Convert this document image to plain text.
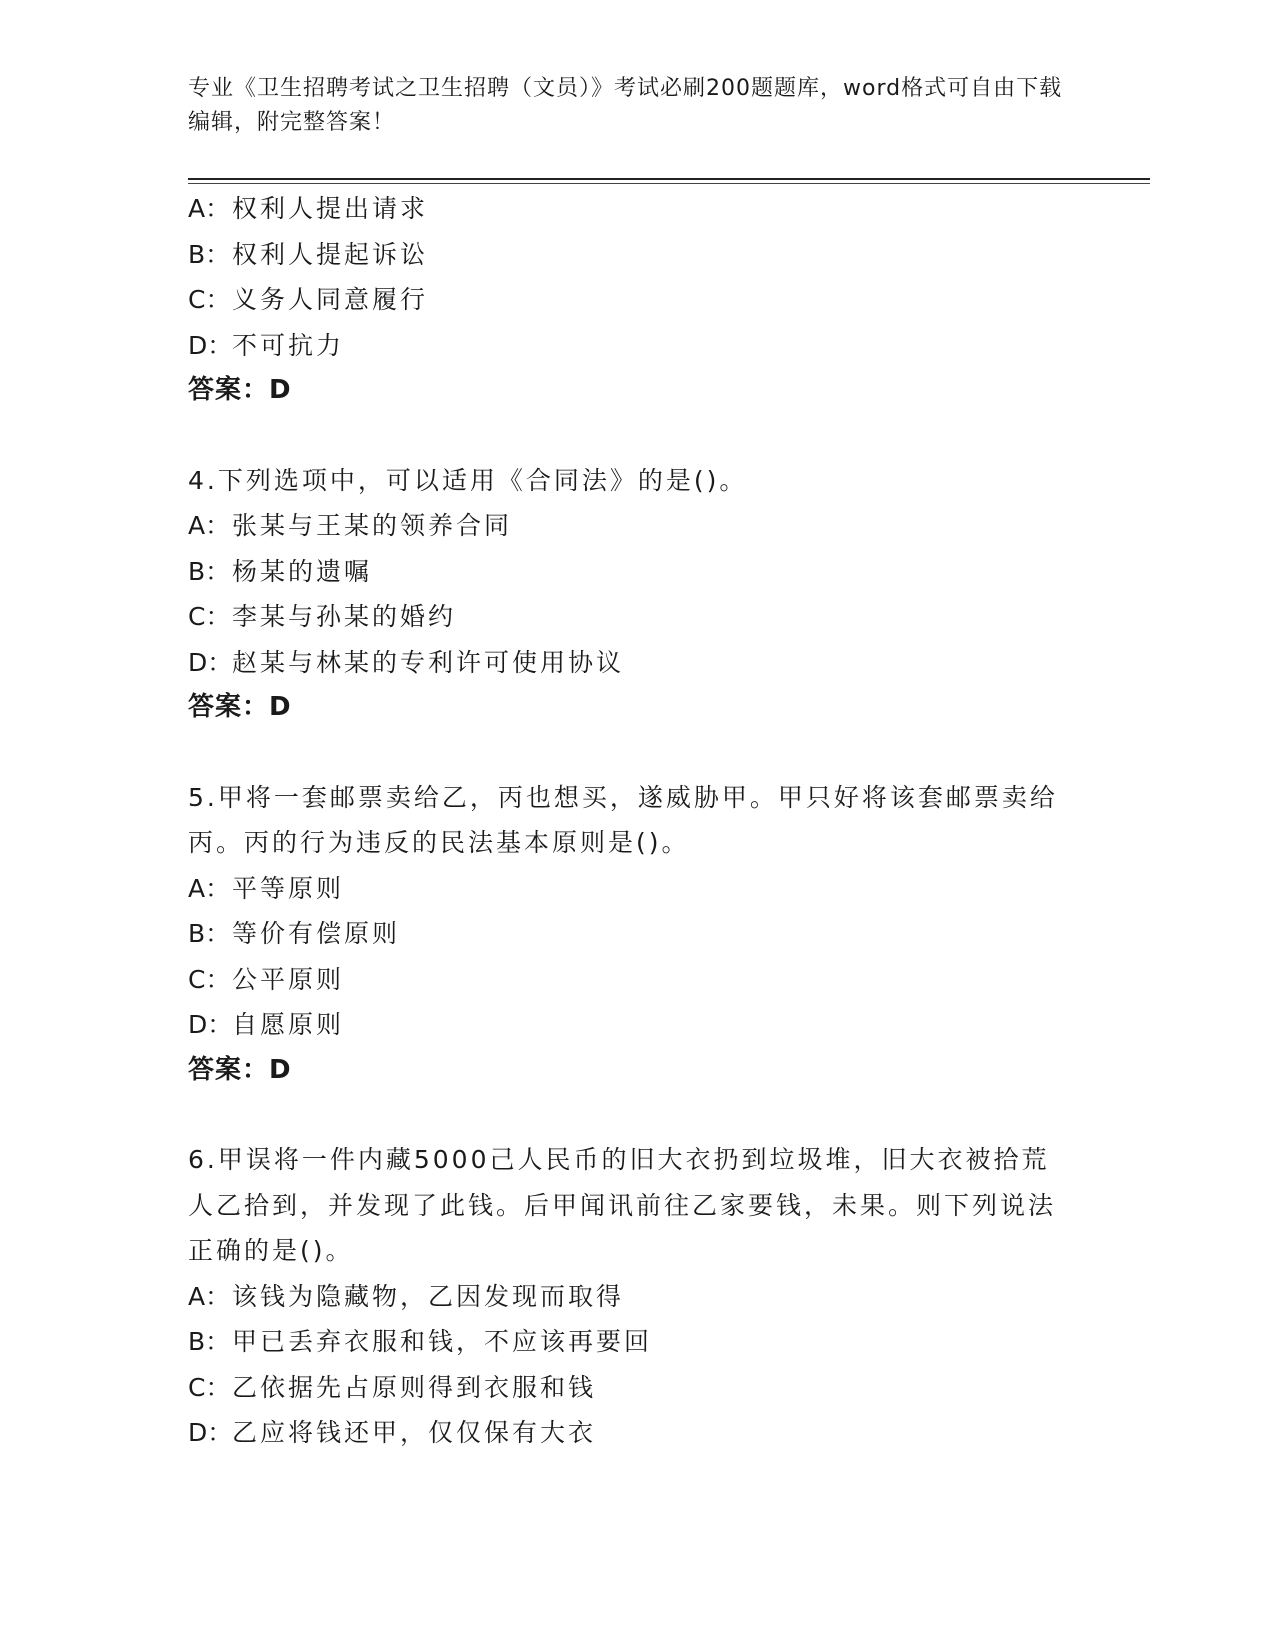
专业《卫生招聘考试之卫生招聘（文员）》考试必刷200题题库，word格式可自由下载编辑，附完整答案！
A：权利人提出请求
B：权利人提起诉讼
C：义务人同意履行
D：不可抗力
答案：D
4.下列选项中，可以适用《合同法》的是()。
A：张某与王某的领养合同
B：杨某的遗嘱
C：李某与孙某的婚约
D：赵某与林某的专利许可使用协议
答案：D
5.甲将一套邮票卖给乙，丙也想买，遂威胁甲。甲只好将该套邮票卖给丙。丙的行为违反的民法基本原则是()。
A：平等原则
B：等价有偿原则
C：公平原则
D：自愿原则
答案：D
6.甲误将一件内藏5000己人民币的旧大衣扔到垃圾堆，旧大衣被拾荒人乙拾到，并发现了此钱。后甲闻讯前往乙家要钱，未果。则下列说法正确的是()。
A：该钱为隐藏物，乙因发现而取得
B：甲已丢弃衣服和钱，不应该再要回
C：乙依据先占原则得到衣服和钱
D：乙应将钱还甲，仅仅保有大衣
